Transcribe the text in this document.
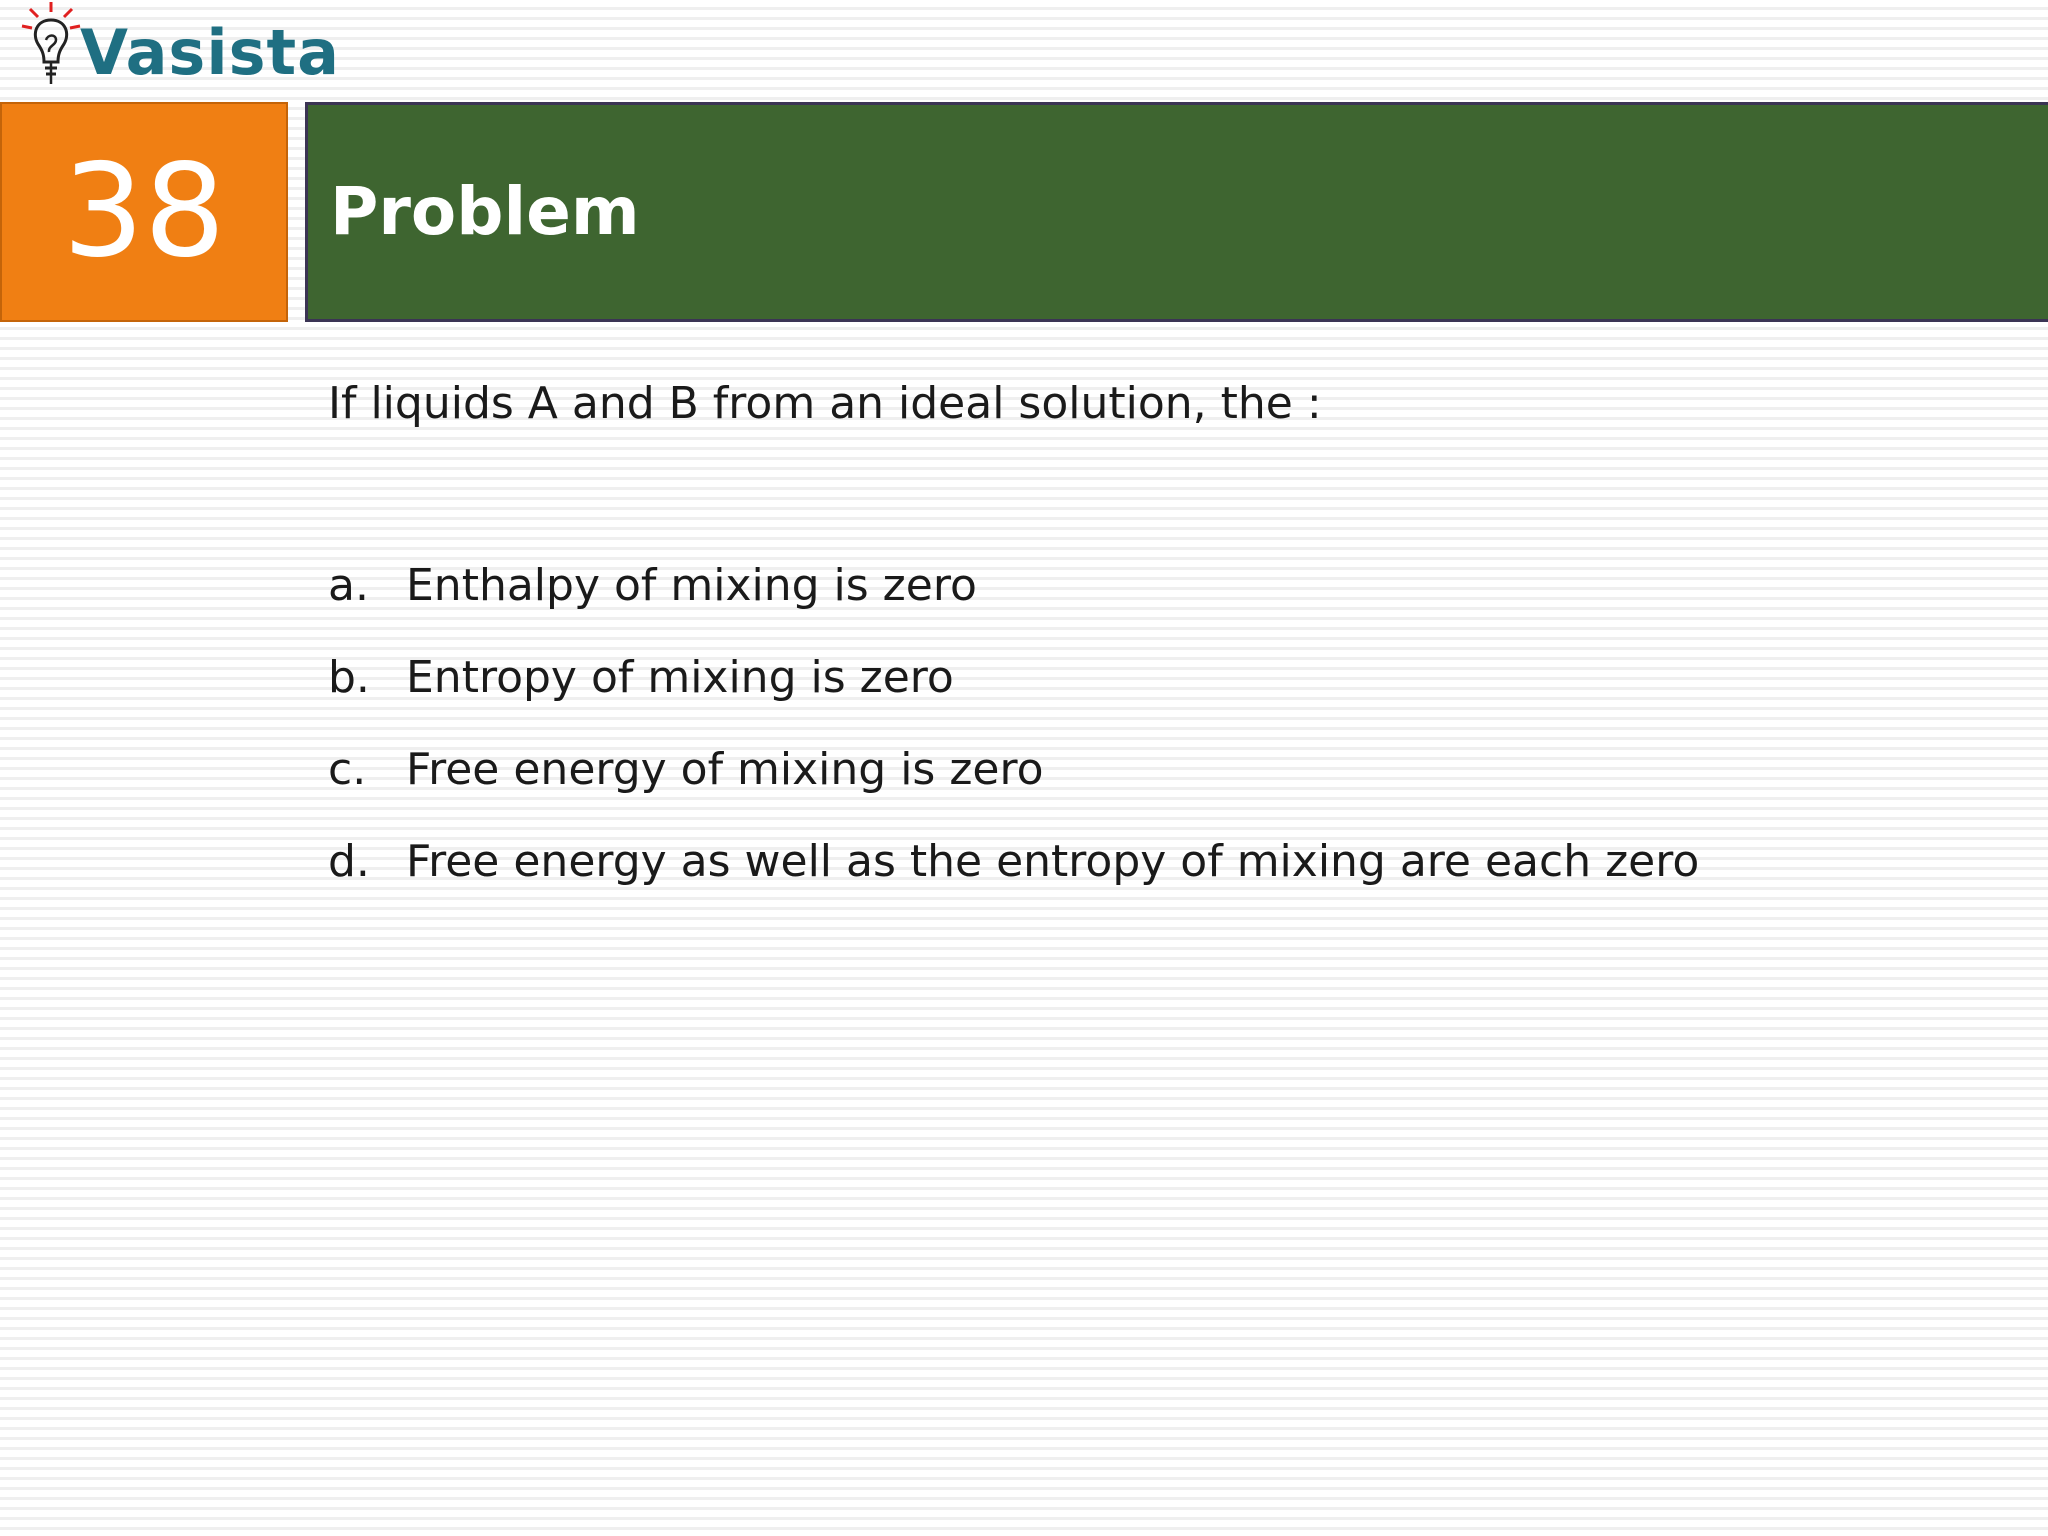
Vasista
38 Problem
If liquids A and B from an ideal solution, the :
a. Enthalpy of mixing is zero
b. Entropy of mixing is zero
c. Free energy of mixing is zero
d. Free energy as well as the entropy of mixing are each zero
